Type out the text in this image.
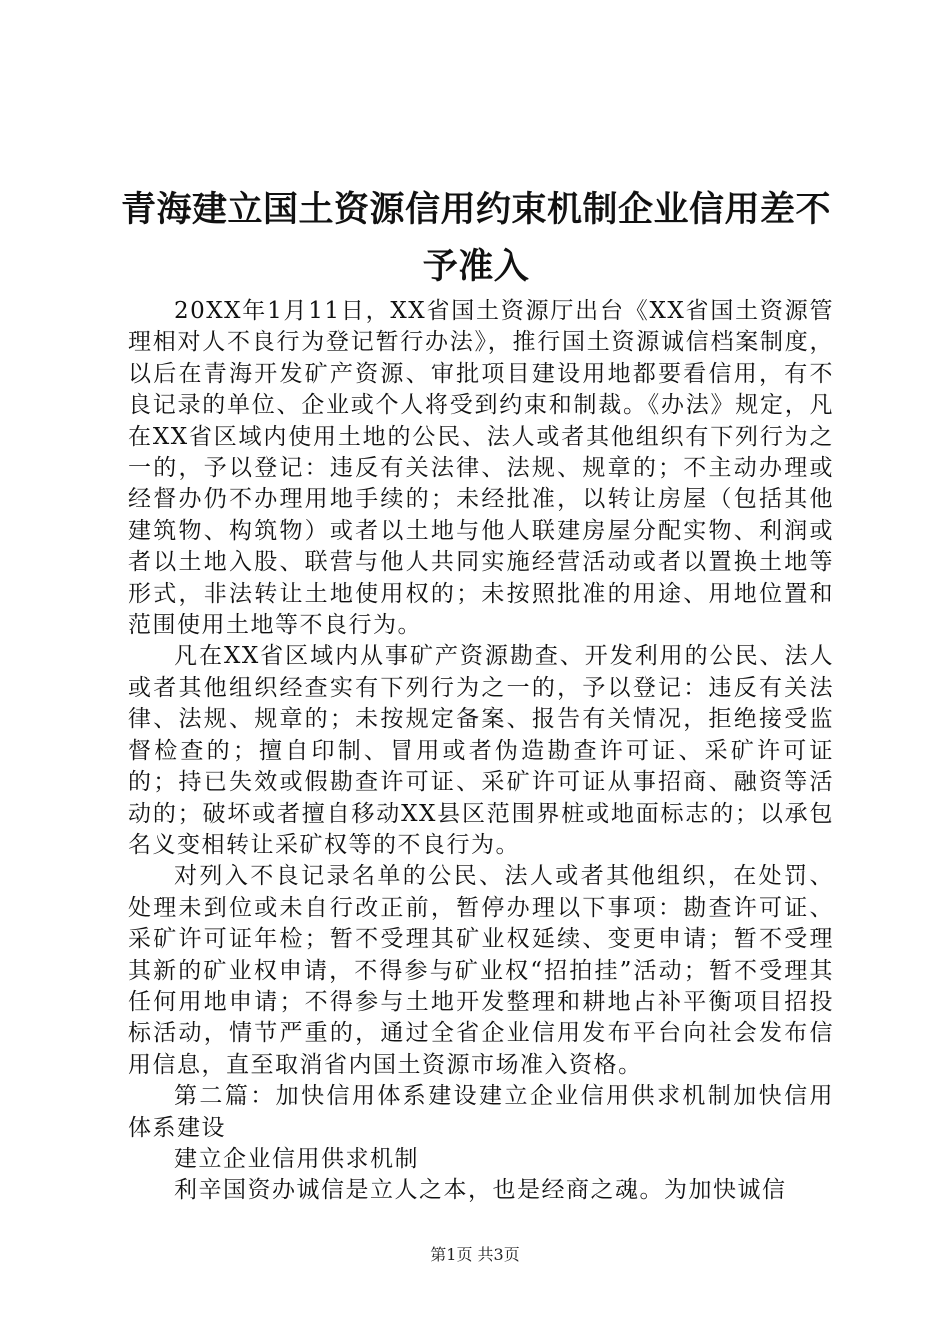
青海建立国土资源信用约束机制企业信用差不予准入

20XX年1月11日，XX省国土资源厅出台《XX省国土资源管理相对人不良行为登记暂行办法》，推行国土资源诚信档案制度，以后在青海开发矿产资源、审批项目建设用地都要看信用，有不良记录的单位、企业或个人将受到约束和制裁。《办法》规定，凡在XX省区域内使用土地的公民、法人或者其他组织有下列行为之一的，予以登记：违反有关法律、法规、规章的；不主动办理或经督办仍不办理用地手续的；未经批准，以转让房屋（包括其他建筑物、构筑物）或者以土地与他人联建房屋分配实物、利润或者以土地入股、联营与他人共同实施经营活动或者以置换土地等形式，非法转让土地使用权的；未按照批准的用途、用地位置和范围使用土地等不良行为。

凡在XX省区域内从事矿产资源勘查、开发利用的公民、法人或者其他组织经查实有下列行为之一的，予以登记：违反有关法律、法规、规章的；未按规定备案、报告有关情况，拒绝接受监督检查的；擅自印制、冒用或者伪造勘查许可证、采矿许可证的；持已失效或假勘查许可证、采矿许可证从事招商、融资等活动的；破坏或者擅自移动XX县区范围界桩或地面标志的；以承包名义变相转让采矿权等的不良行为。

对列入不良记录名单的公民、法人或者其他组织，在处罚、处理未到位或未自行改正前，暂停办理以下事项：勘查许可证、采矿许可证年检；暂不受理其矿业权延续、变更申请；暂不受理其新的矿业权申请，不得参与矿业权“招拍挂”活动；暂不受理其任何用地申请；不得参与土地开发整理和耕地占补平衡项目招投标活动，情节严重的，通过全省企业信用发布平台向社会发布信用信息，直至取消省内国土资源市场准入资格。

第二篇：加快信用体系建设建立企业信用供求机制加快信用体系建设

建立企业信用供求机制

利辛国资办诚信是立人之本，也是经商之魂。为加快诚信

第1页 共3页
